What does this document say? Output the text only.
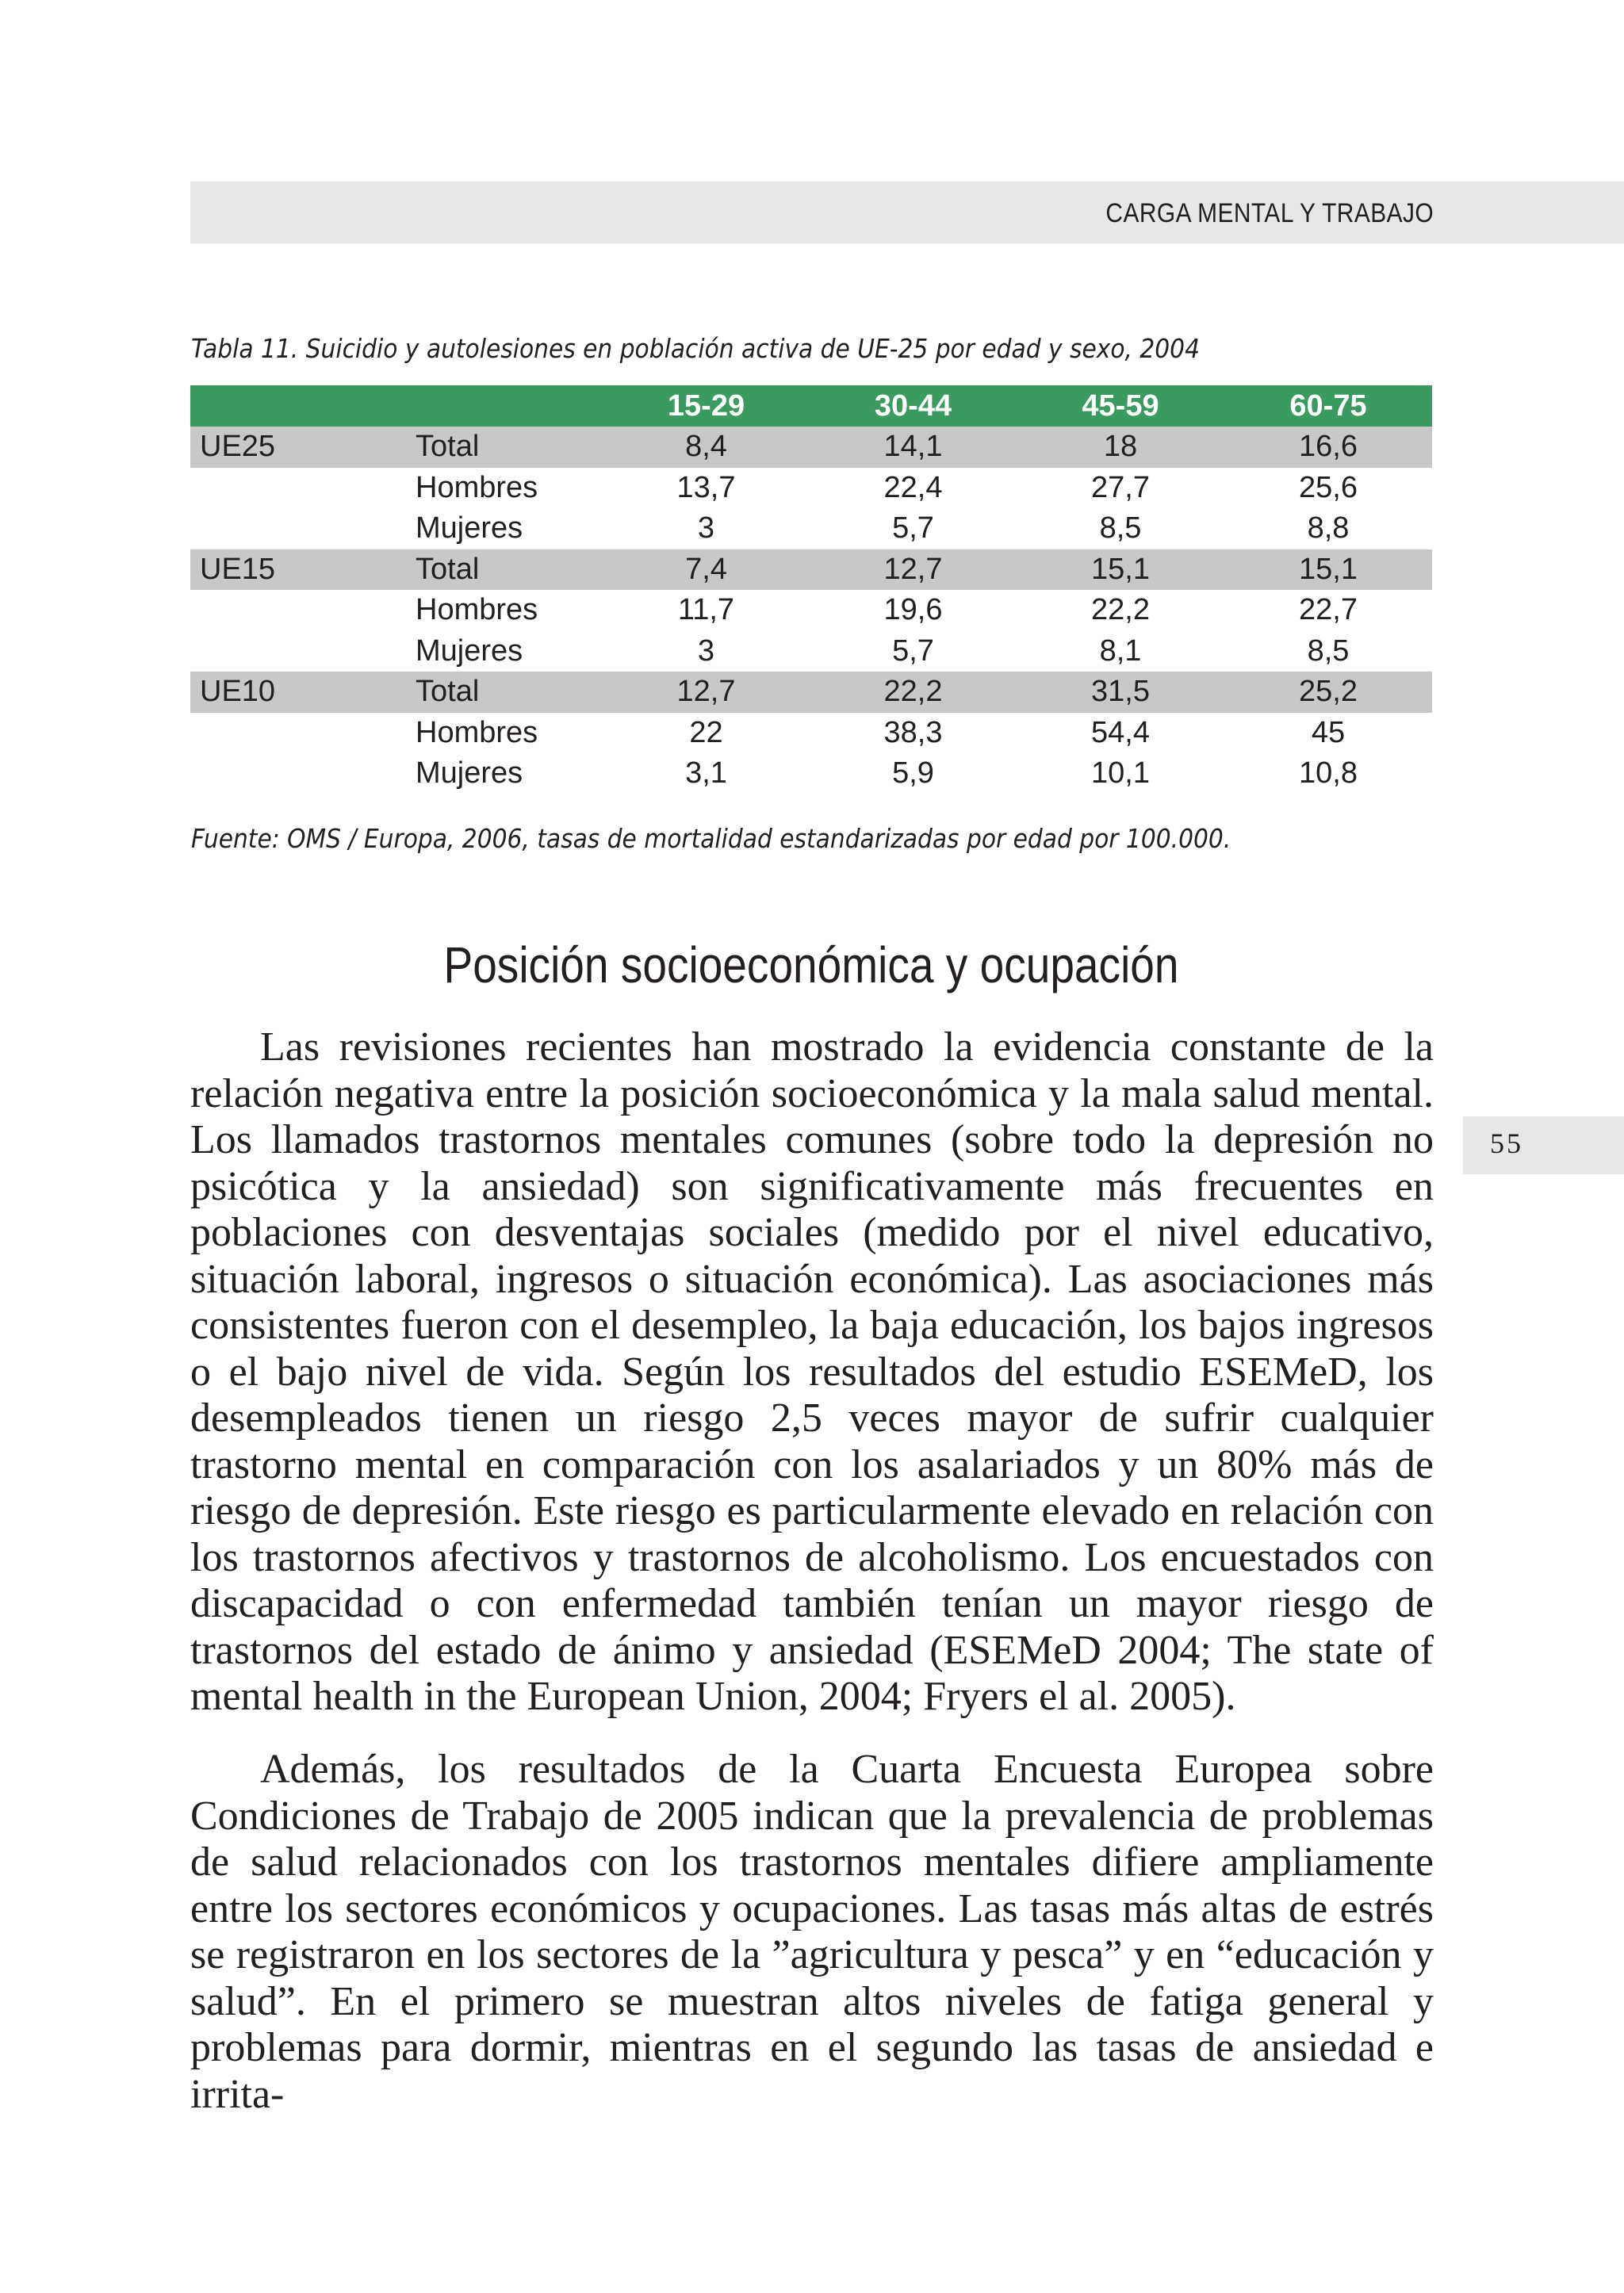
CARGA MENTAL Y TRABAJO
Tabla 11. Suicidio y autolesiones en población activa de UE-25 por edad y sexo, 2004
		15-29	30-44	45-59	60-75
UE25	Total	8,4	14,1	18	16,6
	Hombres	13,7	22,4	27,7	25,6
	Mujeres	3	5,7	8,5	8,8
UE15	Total	7,4	12,7	15,1	15,1
	Hombres	11,7	19,6	22,2	22,7
	Mujeres	3	5,7	8,1	8,5
UE10	Total	12,7	22,2	31,5	25,2
	Hombres	22	38,3	54,4	45
	Mujeres	3,1	5,9	10,1	10,8
Fuente: OMS / Europa, 2006, tasas de mortalidad estandarizadas por edad por 100.000.
Posición socioeconómica y ocupación

Las revisiones recientes han mostrado la evidencia constante de la relación negativa entre la posición socioeconómica y la mala salud mental. Los llamados trastornos mentales comunes (sobre todo la depresión no psicótica y la ansiedad) son significativamente más frecuentes en poblaciones con desventajas sociales (medido por el nivel educativo, situación laboral, ingresos o situación económica). Las asociaciones más consistentes fueron con el desempleo, la baja educación, los bajos ingresos o el bajo nivel de vida. Según los resultados del estudio ESEMeD, los desempleados tienen un riesgo 2,5 veces mayor de sufrir cualquier trastorno mental en comparación con los asalariados y un 80% más de riesgo de depresión. Este riesgo es particularmente elevado en relación con los trastornos afectivos y trastornos de alcoholismo. Los encuestados con discapacidad o con enfermedad también tenían un mayor riesgo de trastornos del estado de ánimo y ansiedad (ESEMeD 2004; The state of mental health in the European Union, 2004; Fryers el al. 2005).

Además, los resultados de la Cuarta Encuesta Europea sobre Condiciones de Trabajo de 2005 indican que la prevalencia de problemas de salud relacionados con los trastornos mentales difiere ampliamente entre los sectores económicos y ocupaciones. Las tasas más altas de estrés se registraron en los sectores de la ”agricultura y pesca” y en “educación y salud”. En el primero se muestran altos niveles de fatiga general y problemas para dormir, mientras en el segundo las tasas de ansiedad e irrita-

55
